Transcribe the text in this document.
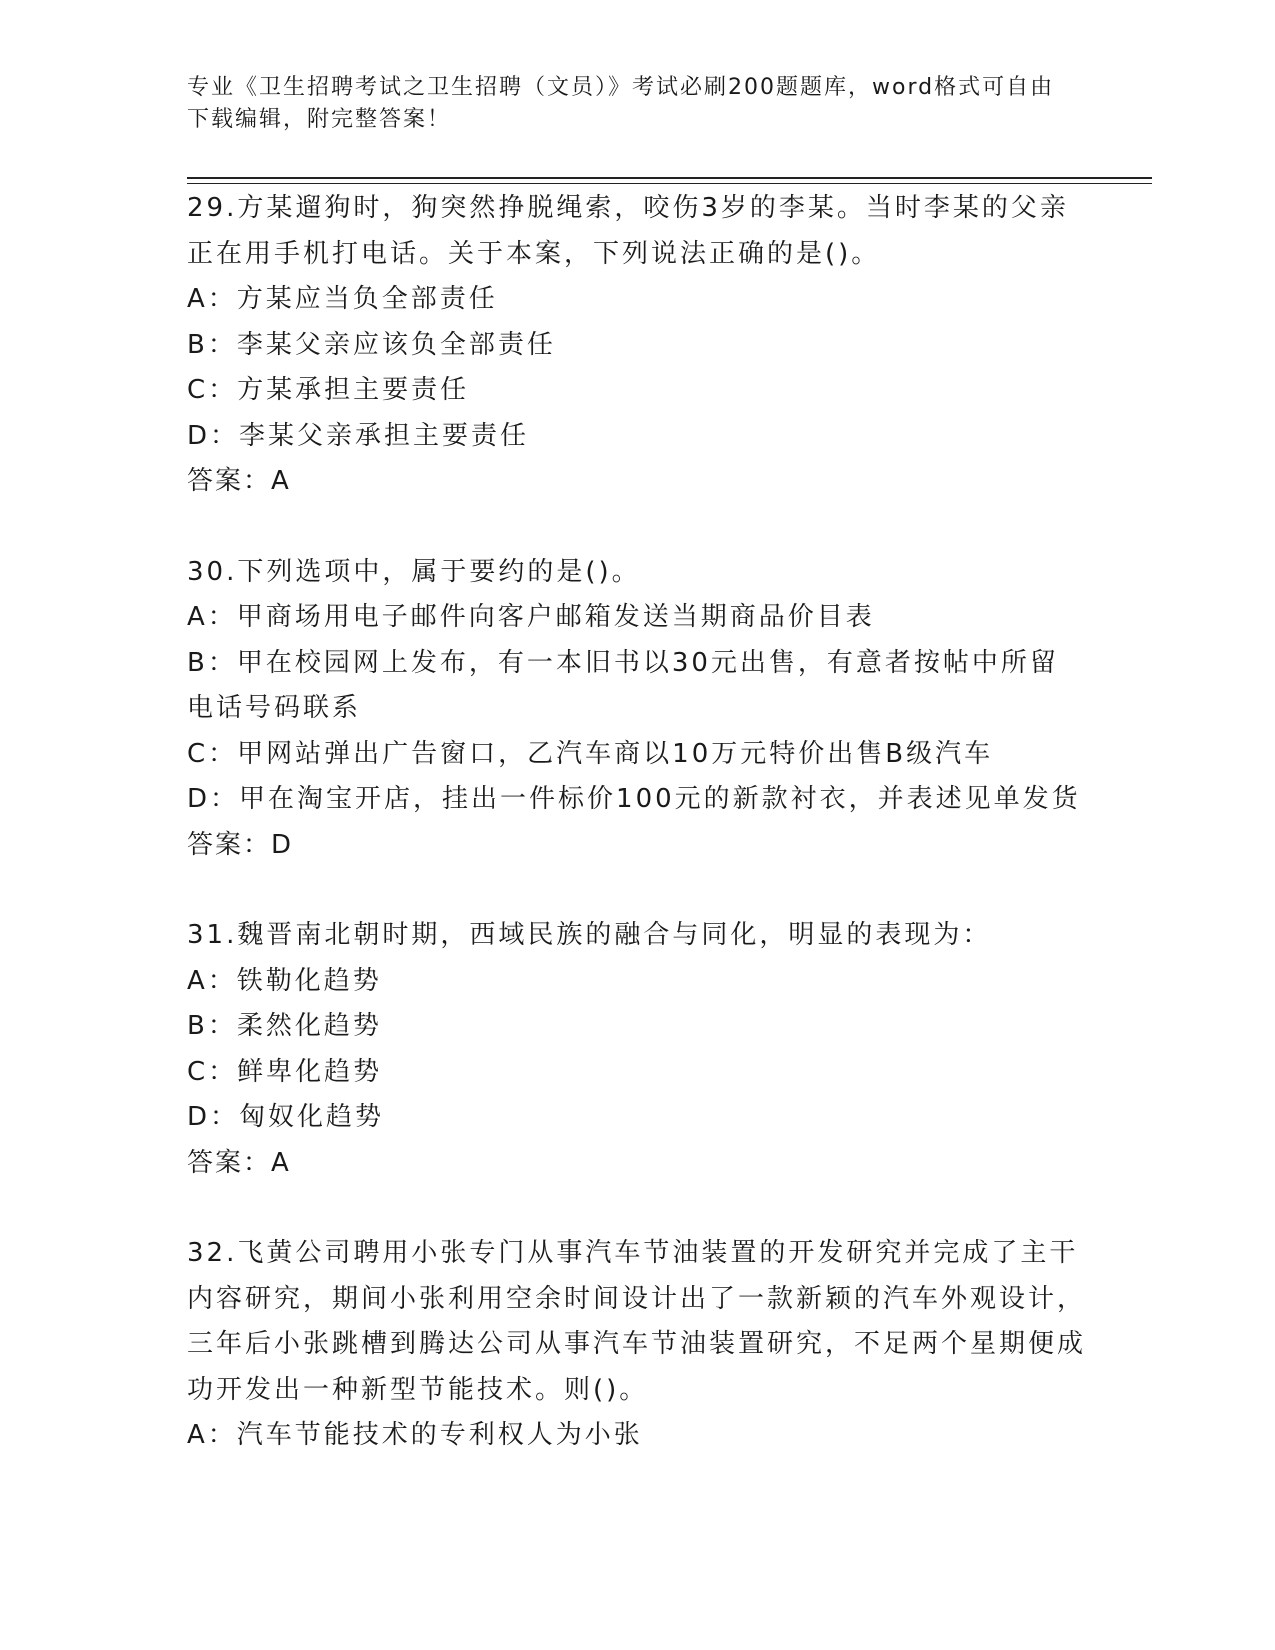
专业《卫生招聘考试之卫生招聘（文员）》考试必刷200题题库，word格式可自由下载编辑，附完整答案！

29.方某遛狗时，狗突然挣脱绳索，咬伤3岁的李某。当时李某的父亲正在用手机打电话。关于本案，下列说法正确的是()。

A：方某应当负全部责任

B：李某父亲应该负全部责任

C：方某承担主要责任

D：李某父亲承担主要责任

答案：A

30.下列选项中，属于要约的是()。

A：甲商场用电子邮件向客户邮箱发送当期商品价目表

B：甲在校园网上发布，有一本旧书以30元出售，有意者按帖中所留电话号码联系

C：甲网站弹出广告窗口，乙汽车商以10万元特价出售B级汽车

D：甲在淘宝开店，挂出一件标价100元的新款衬衣，并表述见单发货

答案：D

31.魏晋南北朝时期，西域民族的融合与同化，明显的表现为：

A：铁勒化趋势

B：柔然化趋势

C：鲜卑化趋势

D：匈奴化趋势

答案：A

32.飞黄公司聘用小张专门从事汽车节油装置的开发研究并完成了主干内容研究，期间小张利用空余时间设计出了一款新颖的汽车外观设计，三年后小张跳槽到腾达公司从事汽车节油装置研究，不足两个星期便成功开发出一种新型节能技术。则()。

A：汽车节能技术的专利权人为小张
